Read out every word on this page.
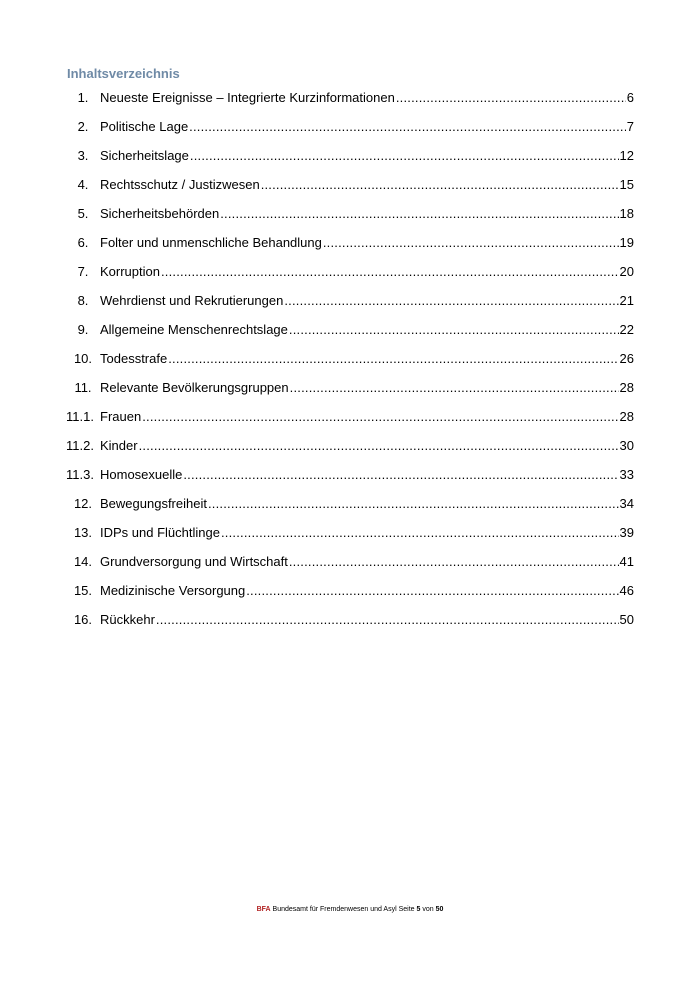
Inhaltsverzeichnis
1. Neueste Ereignisse – Integrierte Kurzinformationen .....	6
2. Politische Lage .....	7
3. Sicherheitslage .....	12
4. Rechtsschutz / Justizwesen .....	15
5. Sicherheitsbehörden .....	18
6. Folter und unmenschliche Behandlung .....	19
7. Korruption .....	20
8. Wehrdienst und Rekrutierungen .....	21
9. Allgemeine Menschenrechtslage .....	22
10. Todesstrafe .....	26
11. Relevante Bevölkerungsgruppen .....	28
11.1. Frauen .....	28
11.2. Kinder .....	30
11.3. Homosexuelle .....	33
12. Bewegungsfreiheit .....	34
13. IDPs und Flüchtlinge .....	39
14. Grundversorgung und Wirtschaft .....	41
15. Medizinische Versorgung .....	46
16. Rückkehr .....	50
BFA Bundesamt für Fremdenwesen und Asyl Seite 5 von 50
